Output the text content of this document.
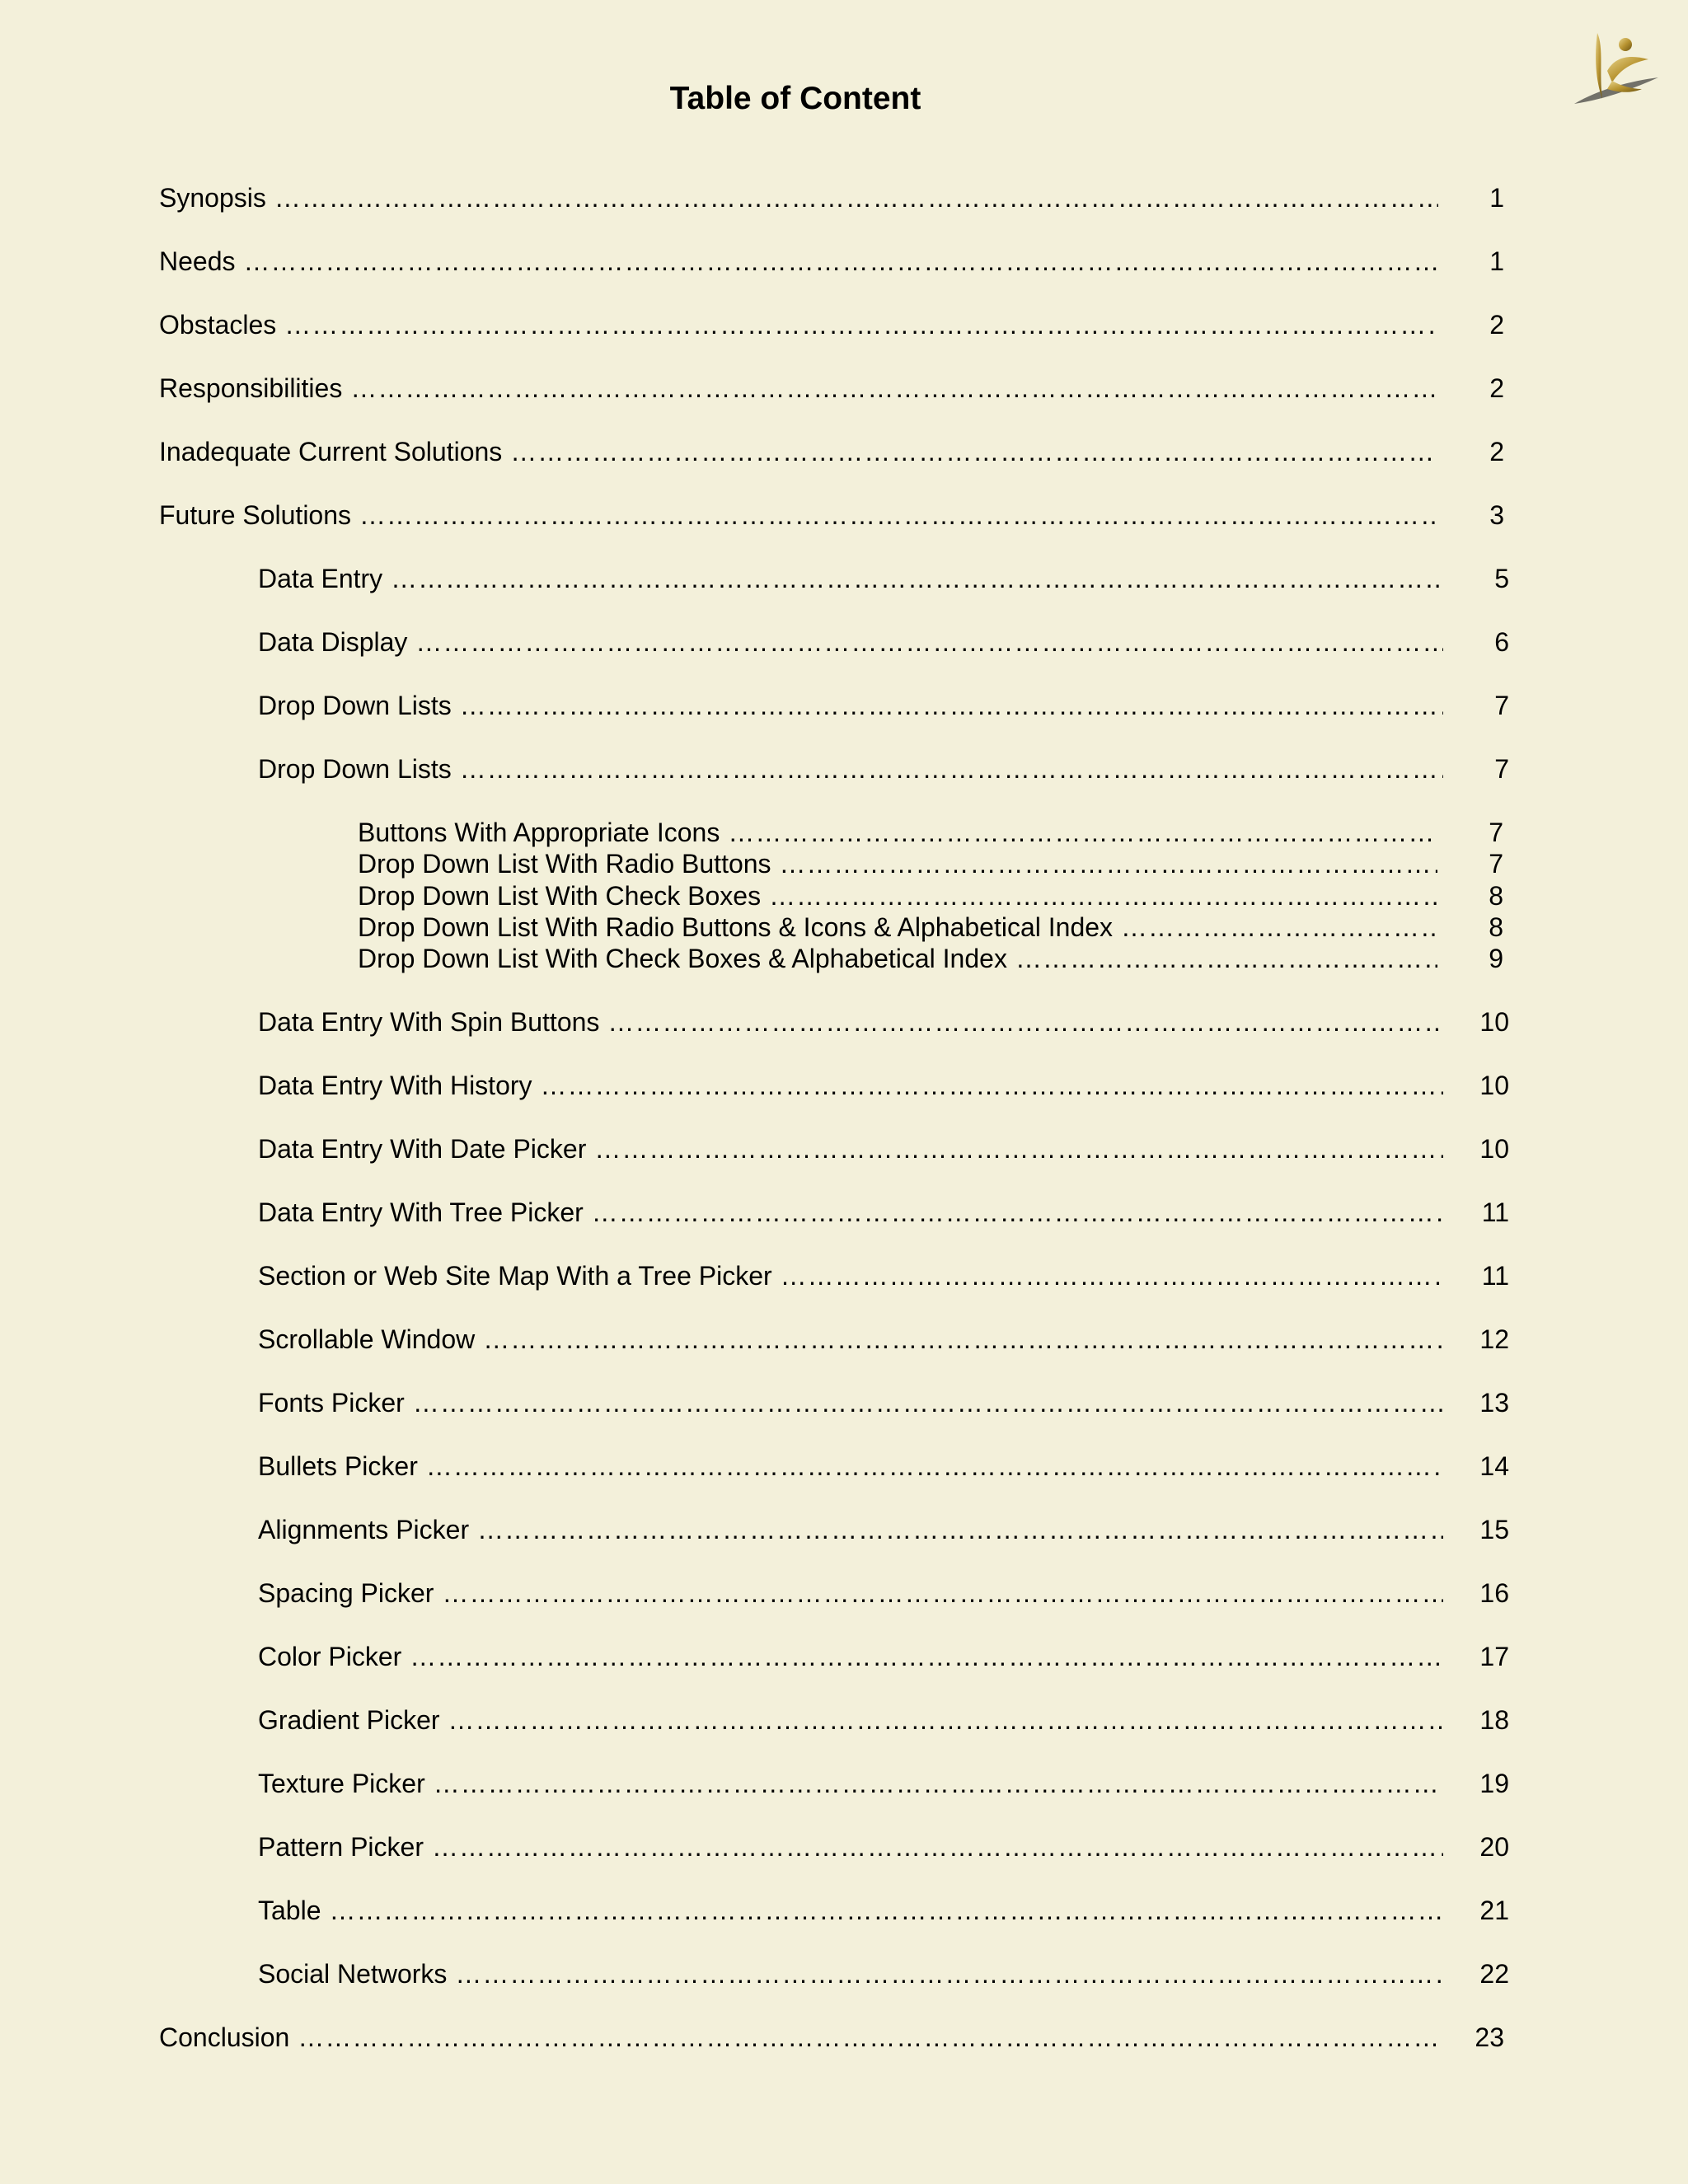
Table of Content
Synopsis ……………………………………………………………………………………………………………………………………………………………………………………………………………………………………………………	1
Needs ……………………………………………………………………………………………………………………………………………………………………………………………………………………………………………………	1
Obstacles ……………………………………………………………………………………………………………………………………………………………………………………………………………………………………………………	2
Responsibilities ……………………………………………………………………………………………………………………………………………………………………………………………………………………………………………………	2
Inadequate Current Solutions ……………………………………………………………………………………………………………………………………………………………………………………………………………………………………………………	2
Future Solutions ……………………………………………………………………………………………………………………………………………………………………………………………………………………………………………………	3
Data Entry ……………………………………………………………………………………………………………………………………………………………………………………………………………………………………………………	5
Data Display ……………………………………………………………………………………………………………………………………………………………………………………………………………………………………………………	6
Drop Down Lists ……………………………………………………………………………………………………………………………………………………………………………………………………………………………………………………	7
Drop Down Lists ……………………………………………………………………………………………………………………………………………………………………………………………………………………………………………………	7
Buttons With Appropriate Icons ……………………………………………………………………………………………………………………………………………………………………………………………………………………………………………………	7
Drop Down List With Radio Buttons ……………………………………………………………………………………………………………………………………………………………………………………………………………………………………………………	7
Drop Down List With Check Boxes ……………………………………………………………………………………………………………………………………………………………………………………………………………………………………………………	8
Drop Down List With Radio Buttons & Icons & Alphabetical Index ……………………………………………………………………………………………………………………………………………………………………………………………………………………………………………………	8
Drop Down List With Check Boxes & Alphabetical Index ……………………………………………………………………………………………………………………………………………………………………………………………………………………………………………………	9
Data Entry With Spin Buttons ……………………………………………………………………………………………………………………………………………………………………………………………………………………………………………………	10
Data Entry With History ……………………………………………………………………………………………………………………………………………………………………………………………………………………………………………………	10
Data Entry With Date Picker ……………………………………………………………………………………………………………………………………………………………………………………………………………………………………………………	10
Data Entry With Tree Picker ……………………………………………………………………………………………………………………………………………………………………………………………………………………………………………………	11
Section or Web Site Map With a Tree Picker ……………………………………………………………………………………………………………………………………………………………………………………………………………………………………………………	11
Scrollable Window ……………………………………………………………………………………………………………………………………………………………………………………………………………………………………………………	12
Fonts Picker ……………………………………………………………………………………………………………………………………………………………………………………………………………………………………………………	13
Bullets Picker ……………………………………………………………………………………………………………………………………………………………………………………………………………………………………………………	14
Alignments Picker ……………………………………………………………………………………………………………………………………………………………………………………………………………………………………………………	15
Spacing Picker ……………………………………………………………………………………………………………………………………………………………………………………………………………………………………………………	16
Color Picker ……………………………………………………………………………………………………………………………………………………………………………………………………………………………………………………	17
Gradient Picker ……………………………………………………………………………………………………………………………………………………………………………………………………………………………………………………	18
Texture Picker ……………………………………………………………………………………………………………………………………………………………………………………………………………………………………………………	19
Pattern Picker ……………………………………………………………………………………………………………………………………………………………………………………………………………………………………………………	20
Table ……………………………………………………………………………………………………………………………………………………………………………………………………………………………………………………	21
Social Networks ……………………………………………………………………………………………………………………………………………………………………………………………………………………………………………………	22
Conclusion ……………………………………………………………………………………………………………………………………………………………………………………………………………………………………………………	23
